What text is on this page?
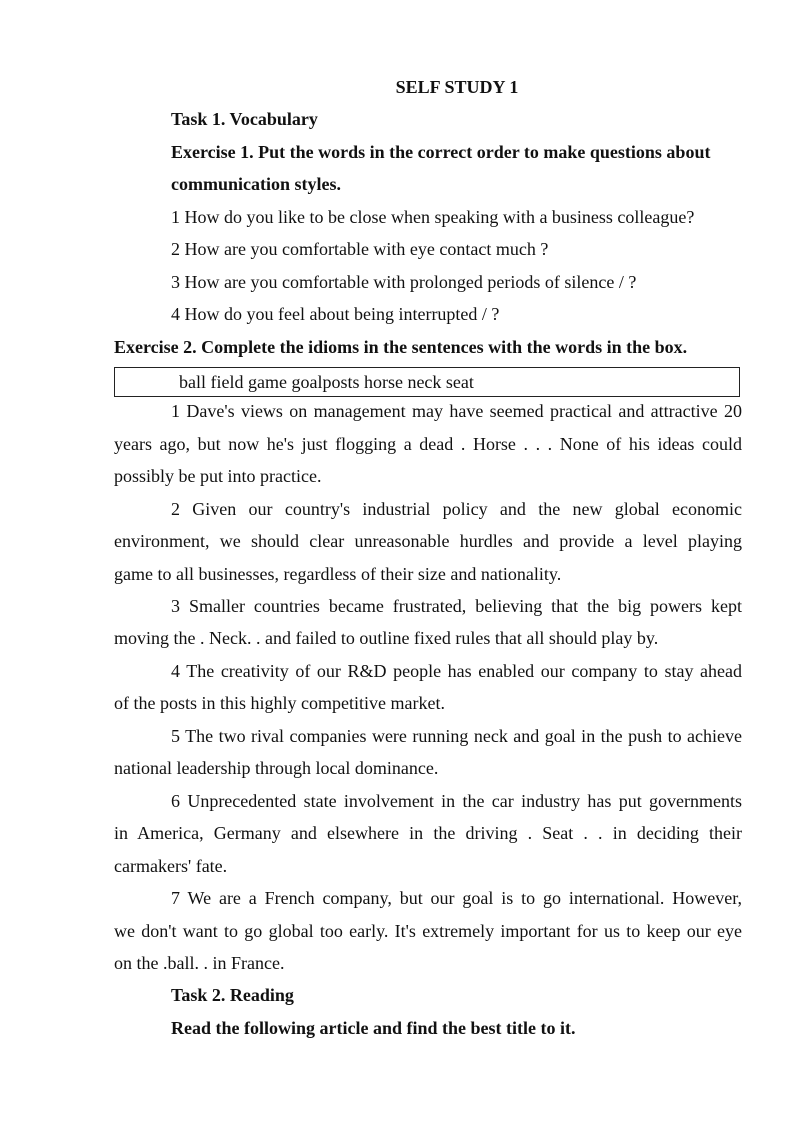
SELF STUDY 1
Task 1. Vocabulary
Exercise 1. Put the words in the correct order to make questions about
communication styles.
1 How do you like to be close when speaking with a business colleague?
2 How are you comfortable with eye contact much ?
3 How are you comfortable with prolonged periods of silence / ?
4 How do you feel about being interrupted / ?
Exercise 2. Complete the idioms in the sentences with the words in the box.
ball field game goalposts horse neck seat
1 Dave's views on management may have seemed practical and attractive 20
years ago, but now he's just flogging a dead . Horse . . . None of his ideas could
possibly be put into practice.
2 Given our country's industrial policy and the new global economic
environment, we should clear unreasonable hurdles and provide a level playing
game to all businesses, regardless of their size and nationality.
3 Smaller countries became frustrated, believing that the big powers kept
moving the . Neck. . and failed to outline fixed rules that all should play by.
4 The creativity of our R&D people has enabled our company to stay ahead
of the posts in this highly competitive market.
5 The two rival companies were running neck and goal in the push to achieve
national leadership through local dominance.
6 Unprecedented state involvement in the car industry has put governments
in America, Germany and elsewhere in the driving . Seat . . in deciding their
carmakers' fate.
7 We are a French company, but our goal is to go international. However,
we don't want to go global too early. It's extremely important for us to keep our eye
on the .ball. . in France.
Task 2. Reading
Read the following article and find the best title to it.
